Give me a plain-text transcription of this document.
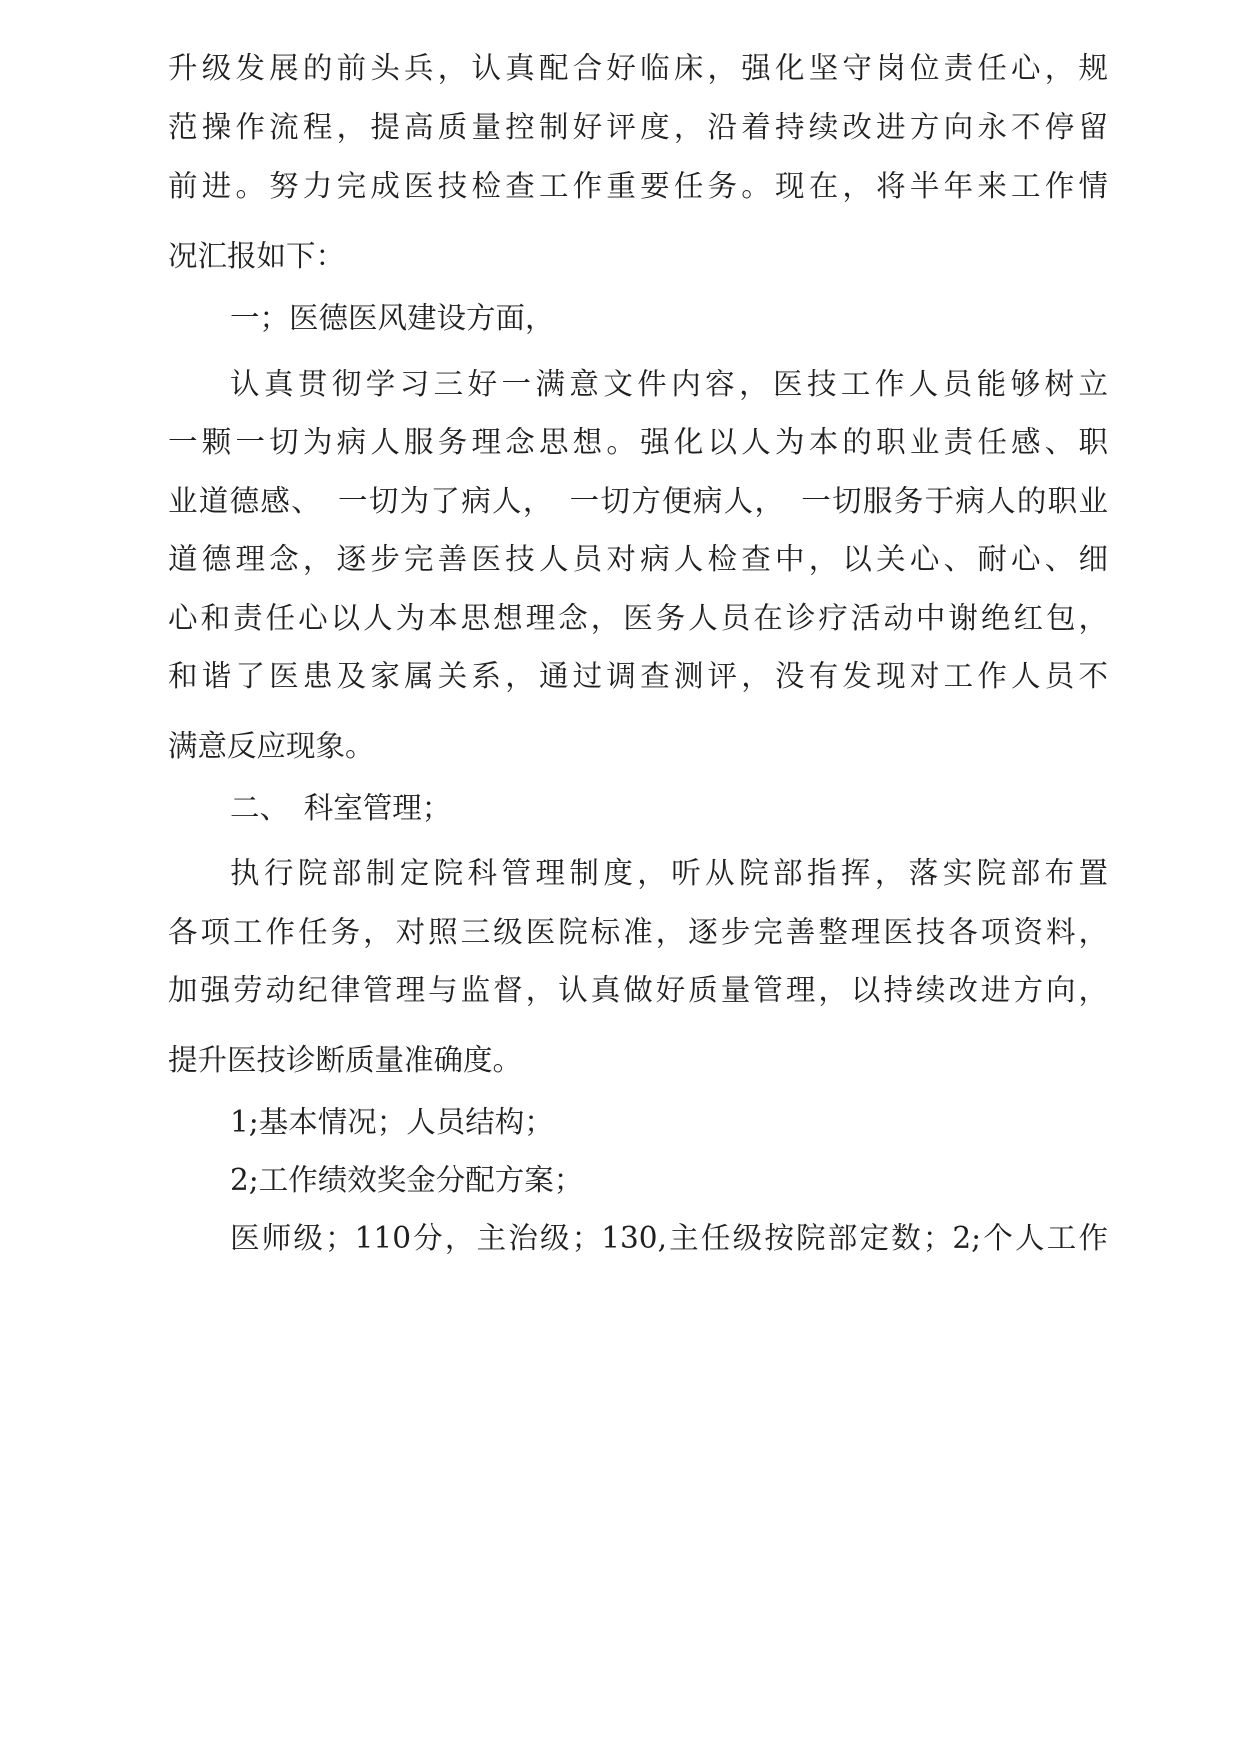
升级发展的前头兵，认真配合好临床，强化坚守岗位责任心，规
范操作流程，提高质量控制好评度，沿着持续改进方向永不停留
前进。努力完成医技检查工作重要任务。现在，将半年来工作情
况汇报如下：
一；医德医风建设方面，
认真贯彻学习三好一满意文件内容，医技工作人员能够树立
一颗一切为病人服务理念思想。强化以人为本的职业责任感、职
业道德感、　一切为了病人，　一切方便病人，　一切服务于病人的职业
道德理念，逐步完善医技人员对病人检查中，以关心、耐心、细
心和责任心以人为本思想理念，医务人员在诊疗活动中谢绝红包，
和谐了医患及家属关系，通过调查测评，没有发现对工作人员不
满意反应现象。
二、　科室管理；
执行院部制定院科管理制度，听从院部指挥，落实院部布置
各项工作任务，对照三级医院标准，逐步完善整理医技各项资料，
加强劳动纪律管理与监督，认真做好质量管理，以持续改进方向，
提升医技诊断质量准确度。
1;基本情况；人员结构；
2;工作绩效奖金分配方案；
医师级；110分，主治级；130,主任级按院部定数；2;个人工作
